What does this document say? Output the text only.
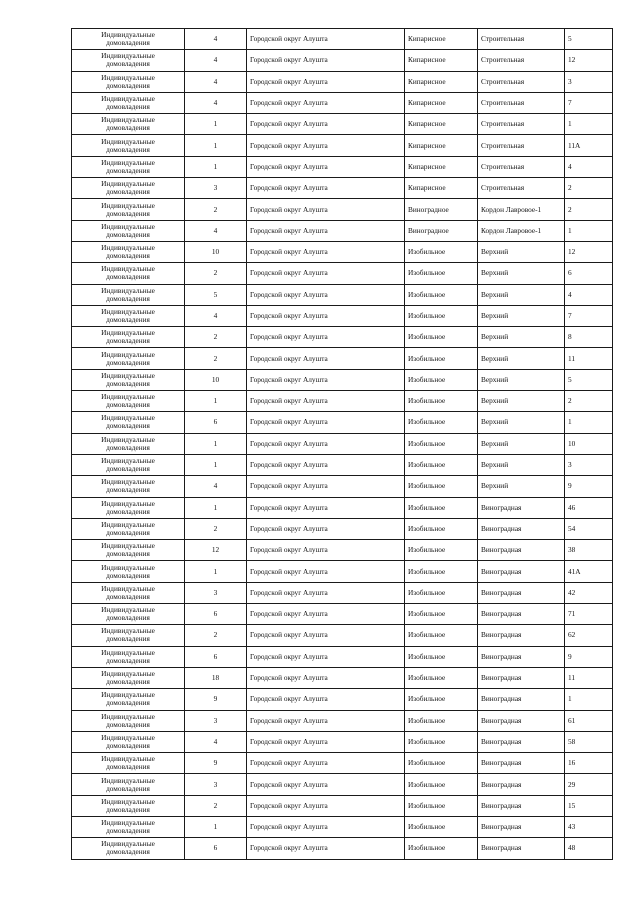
Индивидуальные
домовладения	4	Городской округ Алушта	Кипарисное	Строительная	5

Индивидуальные
домовладения	4	Городской округ Алушта	Кипарисное	Строительная	12

Индивидуальные
домовладения	4	Городской округ Алушта	Кипарисное	Строительная	3

Индивидуальные
домовладения	4	Городской округ Алушта	Кипарисное	Строительная	7

Индивидуальные
домовладения	1	Городской округ Алушта	Кипарисное	Строительная	1

Индивидуальные
домовладения	1	Городской округ Алушта	Кипарисное	Строительная	11А

Индивидуальные
домовладения	1	Городской округ Алушта	Кипарисное	Строительная	4

Индивидуальные
домовладения	3	Городской округ Алушта	Кипарисное	Строительная	2

Индивидуальные
домовладения	2	Городской округ Алушта	Виноградное	Кордон Лавровое-1	2

Индивидуальные
домовладения	4	Городской округ Алушта	Виноградное	Кордон Лавровое-1	1

Индивидуальные
домовладения	10	Городской округ Алушта	Изобильное	Верхний	12

Индивидуальные
домовладения	2	Городской округ Алушта	Изобильное	Верхний	6

Индивидуальные
домовладения	5	Городской округ Алушта	Изобильное	Верхний	4

Индивидуальные
домовладения	4	Городской округ Алушта	Изобильное	Верхний	7

Индивидуальные
домовладения	2	Городской округ Алушта	Изобильное	Верхний	8

Индивидуальные
домовладения	2	Городской округ Алушта	Изобильное	Верхний	11

Индивидуальные
домовладения	10	Городской округ Алушта	Изобильное	Верхний	5

Индивидуальные
домовладения	1	Городской округ Алушта	Изобильное	Верхний	2

Индивидуальные
домовладения	6	Городской округ Алушта	Изобильное	Верхний	1

Индивидуальные
домовладения	1	Городской округ Алушта	Изобильное	Верхний	10

Индивидуальные
домовладения	1	Городской округ Алушта	Изобильное	Верхний	3

Индивидуальные
домовладения	4	Городской округ Алушта	Изобильное	Верхний	9

Индивидуальные
домовладения	1	Городской округ Алушта	Изобильное	Виноградная	46

Индивидуальные
домовладения	2	Городской округ Алушта	Изобильное	Виноградная	54

Индивидуальные
домовладения	12	Городской округ Алушта	Изобильное	Виноградная	38

Индивидуальные
домовладения	1	Городской округ Алушта	Изобильное	Виноградная	41А

Индивидуальные
домовладения	3	Городской округ Алушта	Изобильное	Виноградная	42

Индивидуальные
домовладения	6	Городской округ Алушта	Изобильное	Виноградная	71

Индивидуальные
домовладения	2	Городской округ Алушта	Изобильное	Виноградная	62

Индивидуальные
домовладения	6	Городской округ Алушта	Изобильное	Виноградная	9

Индивидуальные
домовладения	18	Городской округ Алушта	Изобильное	Виноградная	11

Индивидуальные
домовладения	9	Городской округ Алушта	Изобильное	Виноградная	1

Индивидуальные
домовладения	3	Городской округ Алушта	Изобильное	Виноградная	61

Индивидуальные
домовладения	4	Городской округ Алушта	Изобильное	Виноградная	58

Индивидуальные
домовладения	9	Городской округ Алушта	Изобильное	Виноградная	16

Индивидуальные
домовладения	3	Городской округ Алушта	Изобильное	Виноградная	29

Индивидуальные
домовладения	2	Городской округ Алушта	Изобильное	Виноградная	15

Индивидуальные
домовладения	1	Городской округ Алушта	Изобильное	Виноградная	43

Индивидуальные
домовладения	6	Городской округ Алушта	Изобильное	Виноградная	48
